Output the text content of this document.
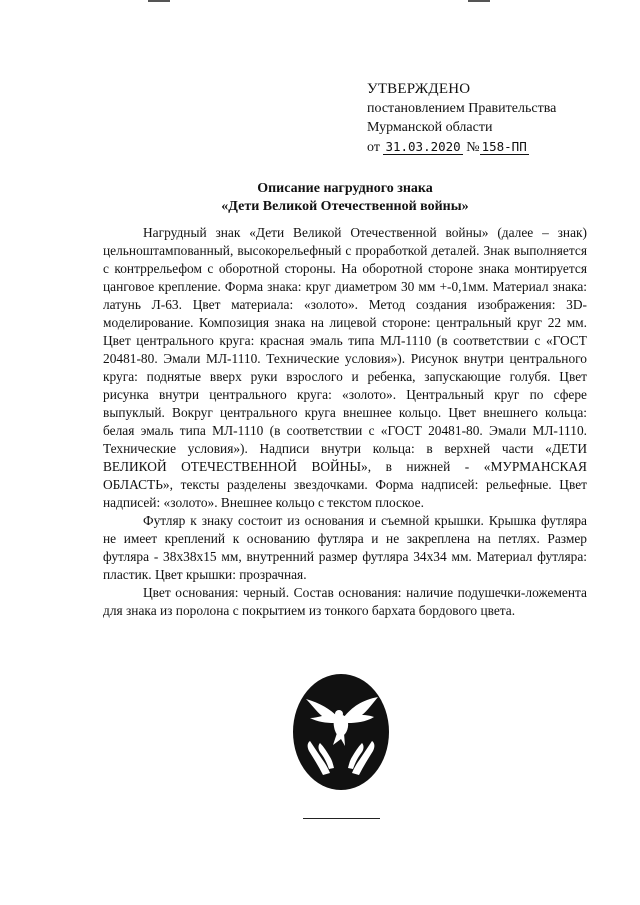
УТВЕРЖДЕНО
постановлением Правительства
Мурманской области
от 31.03.2020 № 158-ПП
Описание нагрудного знака
«Дети Великой Отечественной войны»

Нагрудный знак «Дети Великой Отечественной войны» (далее – знак) цельноштампованный, высокорельефный с проработкой деталей. Знак выполняется с контррельефом с оборотной стороны. На оборотной стороне знака монтируется цанговое крепление. Форма знака: круг диаметром 30 мм +-0,1мм. Материал знака: латунь Л-63. Цвет материала: «золото». Метод создания изображения: 3D-моделирование. Композиция знака на лицевой стороне: центральный круг 22 мм. Цвет центрального круга: красная эмаль типа МЛ-1110 (в соответствии с «ГОСТ 20481-80. Эмали МЛ-1110. Технические условия»). Рисунок внутри центрального круга: поднятые вверх руки взрослого и ребенка, запускающие голубя. Цвет рисунка внутри центрального круга: «золото». Центральный круг по сфере выпуклый. Вокруг центрального круга внешнее кольцо. Цвет внешнего кольца: белая эмаль типа МЛ-1110 (в соответствии с «ГОСТ 20481-80. Эмали МЛ-1110. Технические условия»). Надписи внутри кольца: в верхней части «ДЕТИ ВЕЛИКОЙ ОТЕЧЕСТВЕННОЙ ВОЙНЫ», в нижней - «МУРМАНСКАЯ ОБЛАСТЬ», тексты разделены звездочками. Форма надписей: рельефные. Цвет надписей: «золото». Внешнее кольцо с текстом плоское.

Футляр к знаку состоит из основания и съемной крышки. Крышка футляра не имеет креплений к основанию футляра и не закреплена на петлях. Размер футляра - 38х38х15 мм, внутренний размер футляра 34х34 мм. Материал футляра: пластик. Цвет крышки: прозрачная.

Цвет основания: черный. Состав основания: наличие подушечки-ложемента для знака из поролона с покрытием из тонкого бархата бордового цвета.
